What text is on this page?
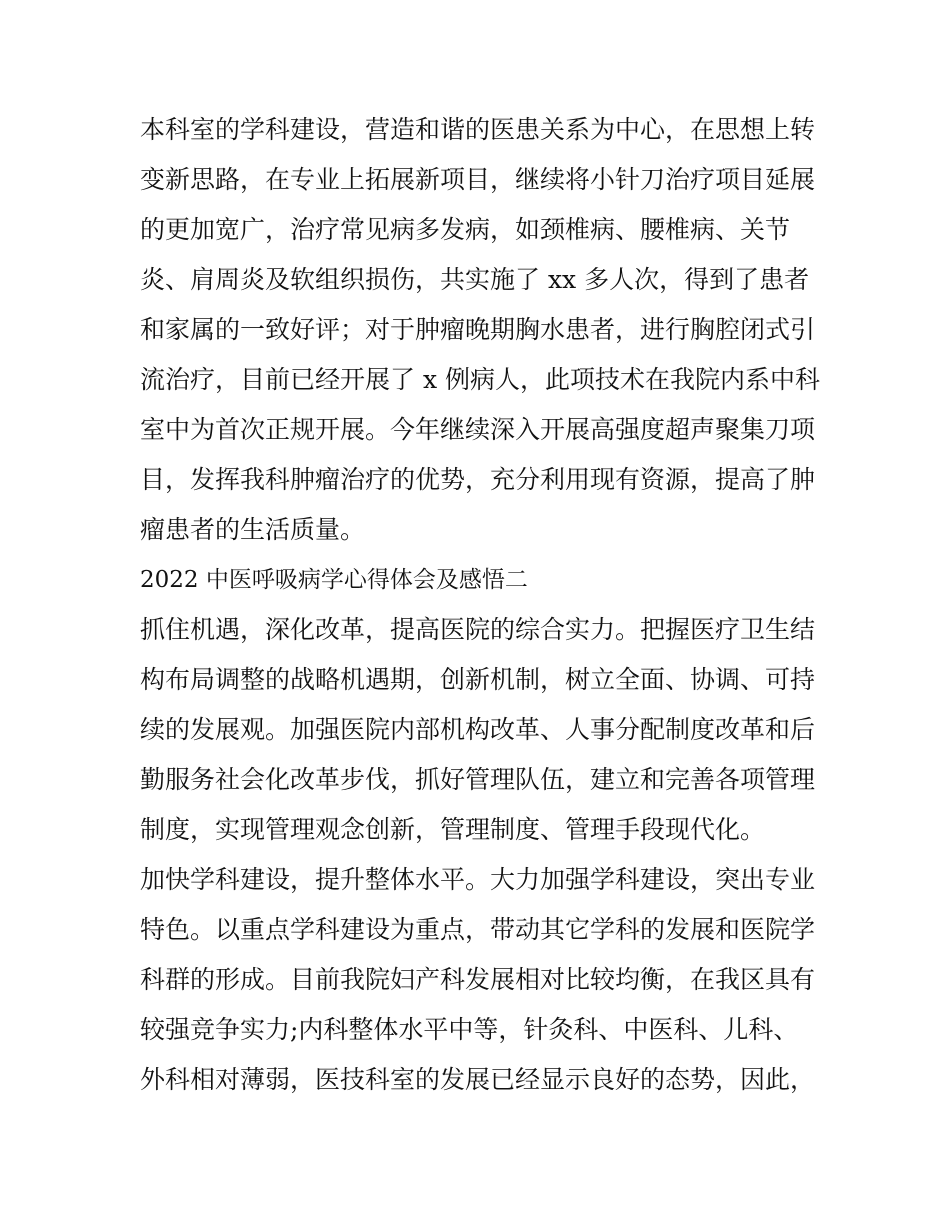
本科室的学科建设，营造和谐的医患关系为中心，在思想上转
变新思路，在专业上拓展新项目，继续将小针刀治疗项目延展
的更加宽广，治疗常见病多发病，如颈椎病、腰椎病、关节
炎、肩周炎及软组织损伤，共实施了 xx 多人次，得到了患者
和家属的一致好评；对于肿瘤晚期胸水患者，进行胸腔闭式引
流治疗，目前已经开展了 x 例病人，此项技术在我院内系中科
室中为首次正规开展。今年继续深入开展高强度超声聚集刀项
目，发挥我科肿瘤治疗的优势，充分利用现有资源，提高了肿
瘤患者的生活质量。
2022 中医呼吸病学心得体会及感悟二
抓住机遇，深化改革，提高医院的综合实力。把握医疗卫生结
构布局调整的战略机遇期，创新机制，树立全面、协调、可持
续的发展观。加强医院内部机构改革、人事分配制度改革和后
勤服务社会化改革步伐，抓好管理队伍，建立和完善各项管理
制度，实现管理观念创新，管理制度、管理手段现代化。
加快学科建设，提升整体水平。大力加强学科建设，突出专业
特色。以重点学科建设为重点，带动其它学科的发展和医院学
科群的形成。目前我院妇产科发展相对比较均衡，在我区具有
较强竞争实力;内科整体水平中等，针灸科、中医科、儿科、
外科相对薄弱，医技科室的发展已经显示良好的态势，因此，
